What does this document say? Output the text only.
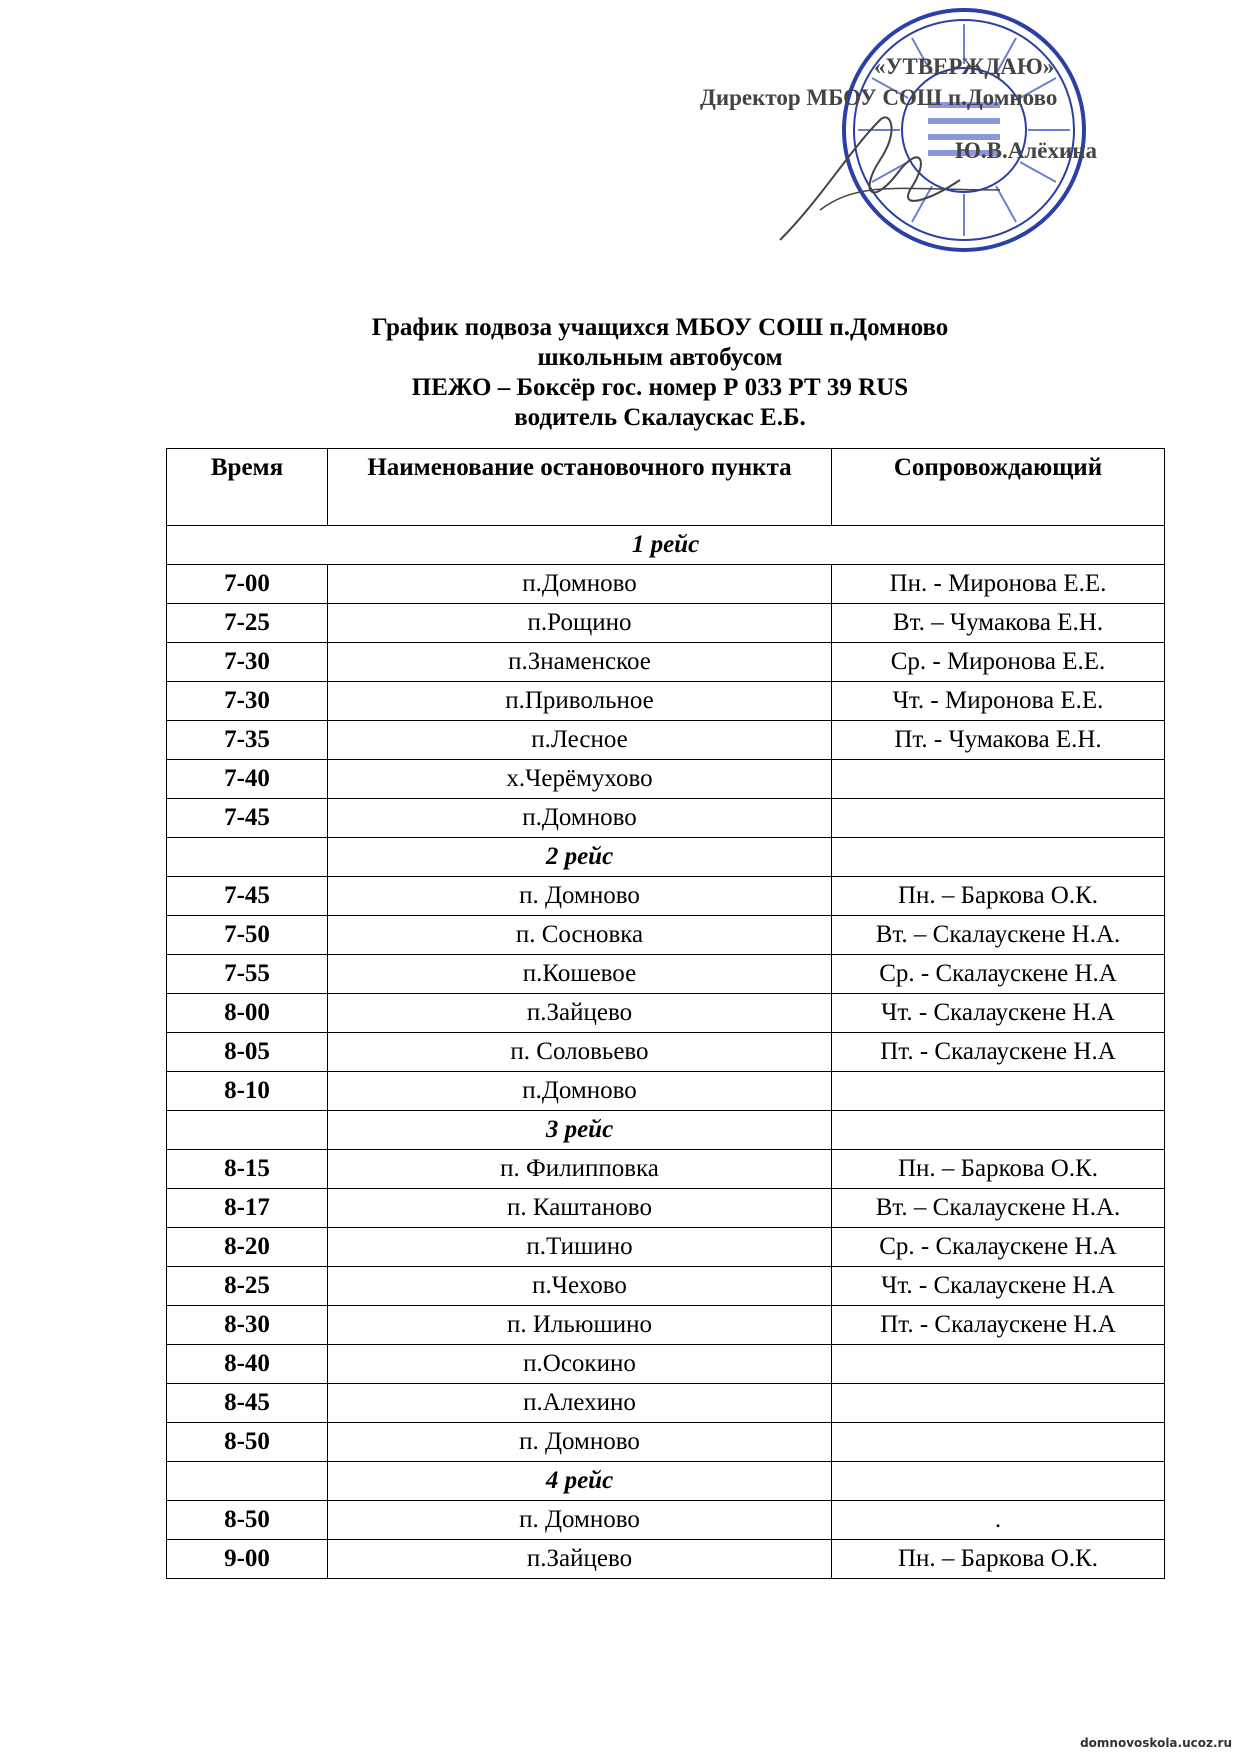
«УТВЕРЖДАЮ»
Директор МБОУ СОШ п.Домново
Ю.В.Алёхина
График подвоза учащихся МБОУ СОШ п.Домново
школьным автобусом
ПЕЖО – Боксёр гос. номер Р 033 РТ 39 RUS
водитель Скалаускас Е.Б.
Время	Наименование остановочного пункта	Сопровождающий
1 рейс		
7-00	п.Домново	Пн. - Миронова Е.Е.
7-25	п.Рощино	Вт. – Чумакова Е.Н.
7-30	п.Знаменское	Ср. - Миронова Е.Е.
7-30	п.Привольное	Чт. - Миронова Е.Е.
7-35	п.Лесное	Пт. - Чумакова Е.Н.
7-40	х.Черёмухово	
7-45	п.Домново	
	2 рейс	
7-45	п. Домново	Пн. – Баркова О.К.
7-50	п. Сосновка	Вт. – Скалаускене Н.А.
7-55	п.Кошевое	Ср. - Скалаускене Н.А
8-00	п.Зайцево	Чт. - Скалаускене Н.А
8-05	п. Соловьево	Пт. - Скалаускене Н.А
8-10	п.Домново	
	3 рейс	
8-15	п. Филипповка	Пн. – Баркова О.К.
8-17	п. Каштаново	Вт. – Скалаускене Н.А.
8-20	п.Тишино	Ср. - Скалаускене Н.А
8-25	п.Чехово	Чт. - Скалаускене Н.А
8-30	п. Ильюшино	Пт. - Скалаускене Н.А
8-40	п.Осокино	
8-45	п.Алехино	
8-50	п. Домново	
	4 рейс	
8-50	п. Домново	.
9-00	п.Зайцево	Пн. – Баркова О.К.
domnovoskola.ucoz.ru
